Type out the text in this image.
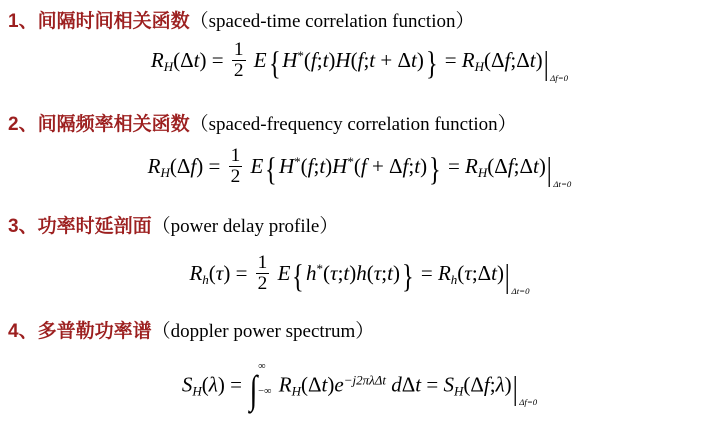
1、间隔时间相关函数（spaced-time correlation function）
$R_H(\Delta t) = \frac{1}{2}$ E{H*(f;t)H(f;t + $\Delta t)\} = R_H(\Delta f;\Delta t)|$ Δf=0
2、间隔频率相关函数（spaced-frequency correlation function）
$R_H(\Delta f) = \frac{1}{2}$ E{H*(f;t)H*(f + Δf;t)} = $R_H(\Delta f;\Delta t)|$ Δt=0
3、功率时延剖面（power delay profile）
$R_h(\tau) = \frac{1}{2}$ E{h*(τ;t)h(τ;t)} = $R_h(\tau;\Delta t)|$ Δt=0
4、多普勒功率谱（doppler power spectrum）
$S_H(\lambda)$ = ∫
∞
−∞ $R_H(\Delta t)e^{-j2\pi\lambda\Delta t}$ $d\Delta t = S_H(\Delta f;\lambda)|$ Δf=0
